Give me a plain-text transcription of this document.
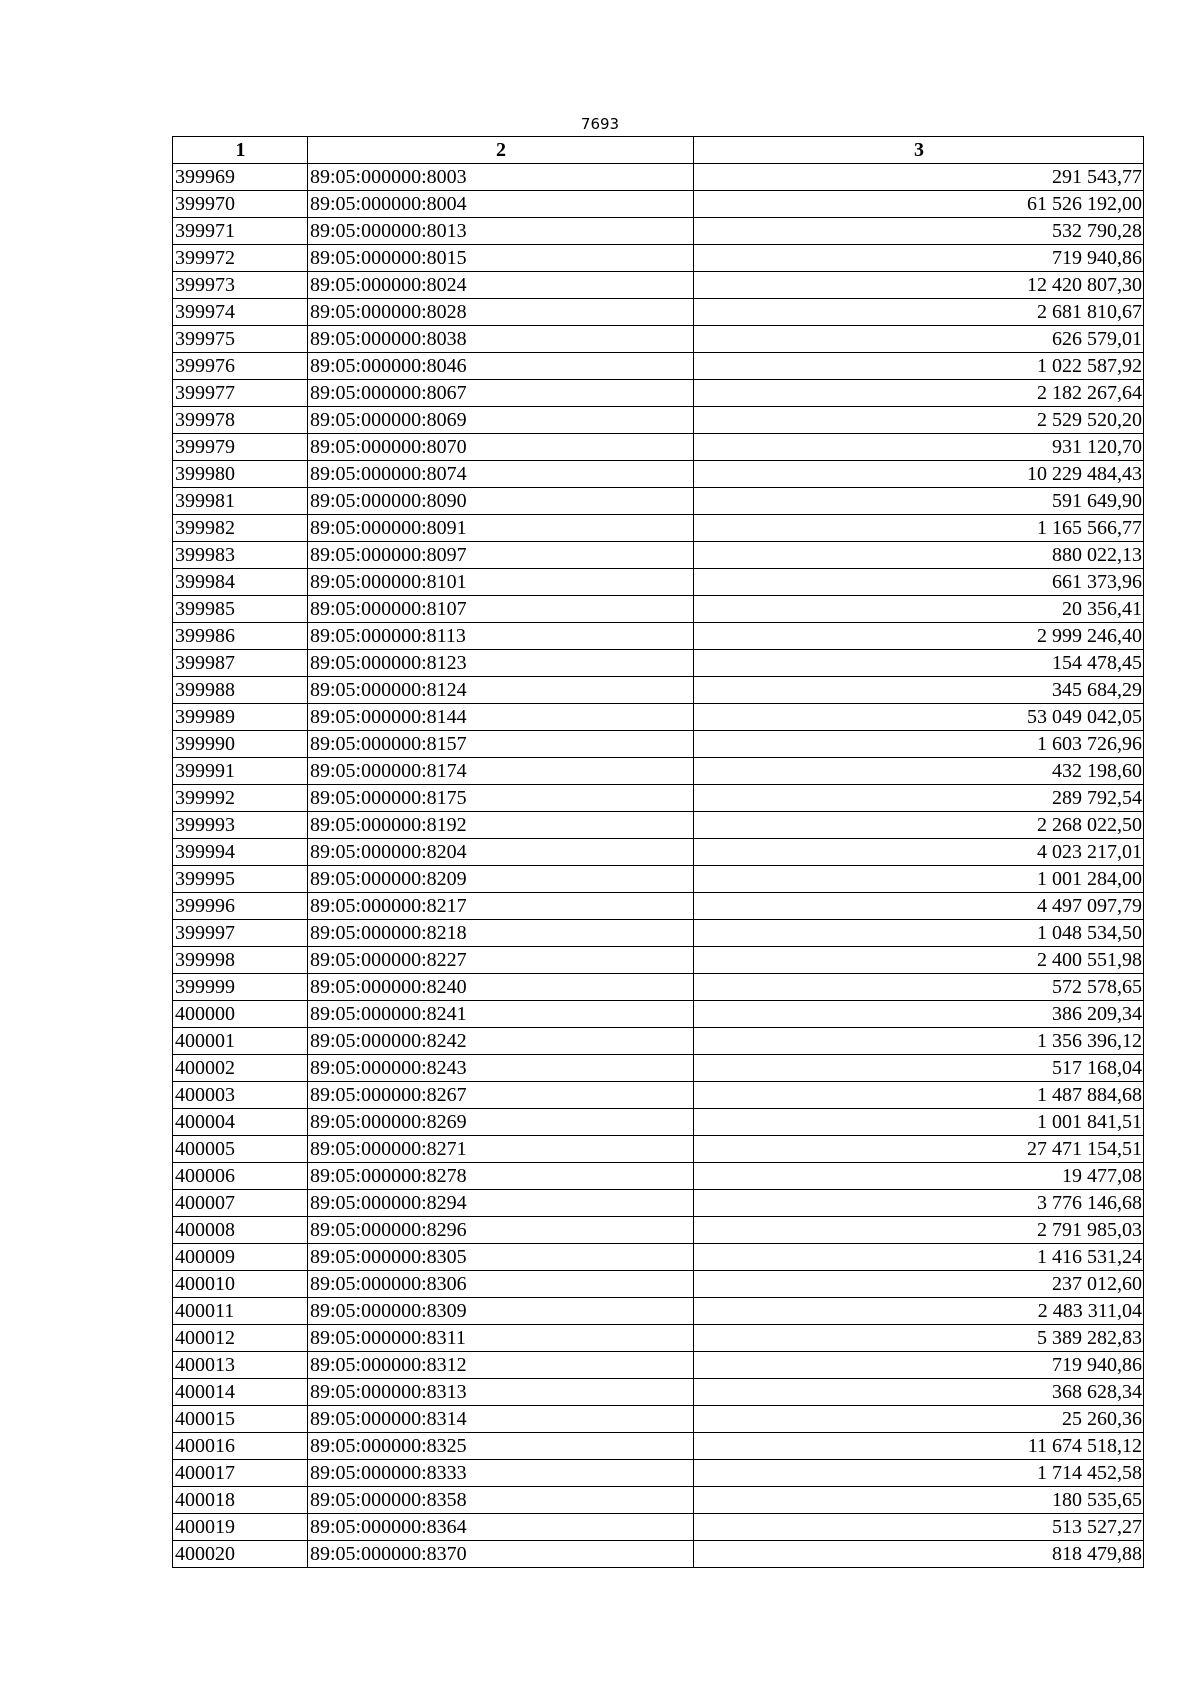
7693
1	2	3
399969	89:05:000000:8003	291 543,77
399970	89:05:000000:8004	61 526 192,00
399971	89:05:000000:8013	532 790,28
399972	89:05:000000:8015	719 940,86
399973	89:05:000000:8024	12 420 807,30
399974	89:05:000000:8028	2 681 810,67
399975	89:05:000000:8038	626 579,01
399976	89:05:000000:8046	1 022 587,92
399977	89:05:000000:8067	2 182 267,64
399978	89:05:000000:8069	2 529 520,20
399979	89:05:000000:8070	931 120,70
399980	89:05:000000:8074	10 229 484,43
399981	89:05:000000:8090	591 649,90
399982	89:05:000000:8091	1 165 566,77
399983	89:05:000000:8097	880 022,13
399984	89:05:000000:8101	661 373,96
399985	89:05:000000:8107	20 356,41
399986	89:05:000000:8113	2 999 246,40
399987	89:05:000000:8123	154 478,45
399988	89:05:000000:8124	345 684,29
399989	89:05:000000:8144	53 049 042,05
399990	89:05:000000:8157	1 603 726,96
399991	89:05:000000:8174	432 198,60
399992	89:05:000000:8175	289 792,54
399993	89:05:000000:8192	2 268 022,50
399994	89:05:000000:8204	4 023 217,01
399995	89:05:000000:8209	1 001 284,00
399996	89:05:000000:8217	4 497 097,79
399997	89:05:000000:8218	1 048 534,50
399998	89:05:000000:8227	2 400 551,98
399999	89:05:000000:8240	572 578,65
400000	89:05:000000:8241	386 209,34
400001	89:05:000000:8242	1 356 396,12
400002	89:05:000000:8243	517 168,04
400003	89:05:000000:8267	1 487 884,68
400004	89:05:000000:8269	1 001 841,51
400005	89:05:000000:8271	27 471 154,51
400006	89:05:000000:8278	19 477,08
400007	89:05:000000:8294	3 776 146,68
400008	89:05:000000:8296	2 791 985,03
400009	89:05:000000:8305	1 416 531,24
400010	89:05:000000:8306	237 012,60
400011	89:05:000000:8309	2 483 311,04
400012	89:05:000000:8311	5 389 282,83
400013	89:05:000000:8312	719 940,86
400014	89:05:000000:8313	368 628,34
400015	89:05:000000:8314	25 260,36
400016	89:05:000000:8325	11 674 518,12
400017	89:05:000000:8333	1 714 452,58
400018	89:05:000000:8358	180 535,65
400019	89:05:000000:8364	513 527,27
400020	89:05:000000:8370	818 479,88
